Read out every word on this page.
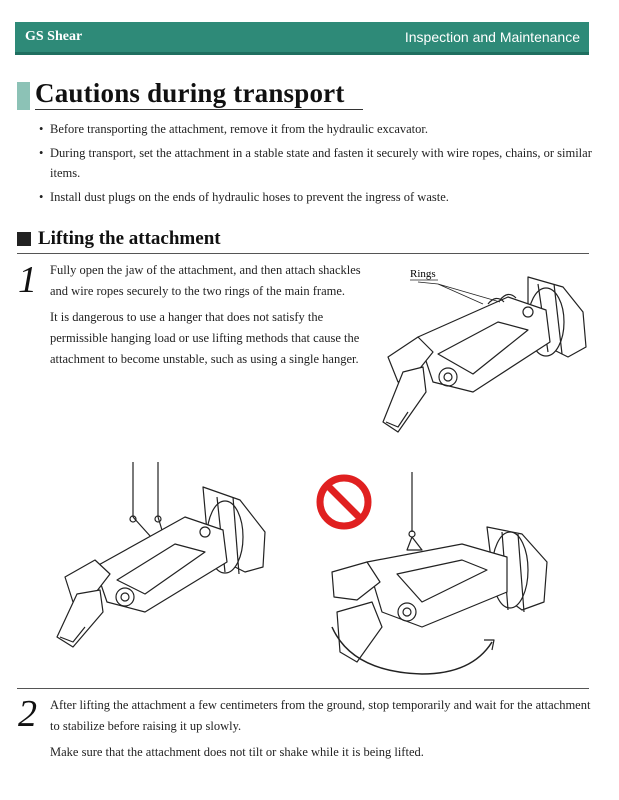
GS Shear	Inspection and Maintenance
Cautions during transport
• Before transporting the attachment, remove it from the hydraulic excavator.
• During transport, set the attachment in a stable state and fasten it securely with wire ropes, chains, or similar items.
• Install dust plugs on the ends of hydraulic hoses to prevent the ingress of waste.
Lifting the attachment
1 Fully open the jaw of the attachment, and then attach shackles and wire ropes securely to the two rings of the main frame.

It is dangerous to use a hanger that does not satisfy the permissible hanging load or use lifting methods that cause the attachment to become unstable, such as using a single hanger.

Rings
2 After lifting the attachment a few centimeters from the ground, stop temporarily and wait for the attachment to stabilize before raising it up slowly.

Make sure that the attachment does not tilt or shake while it is being lifted.
